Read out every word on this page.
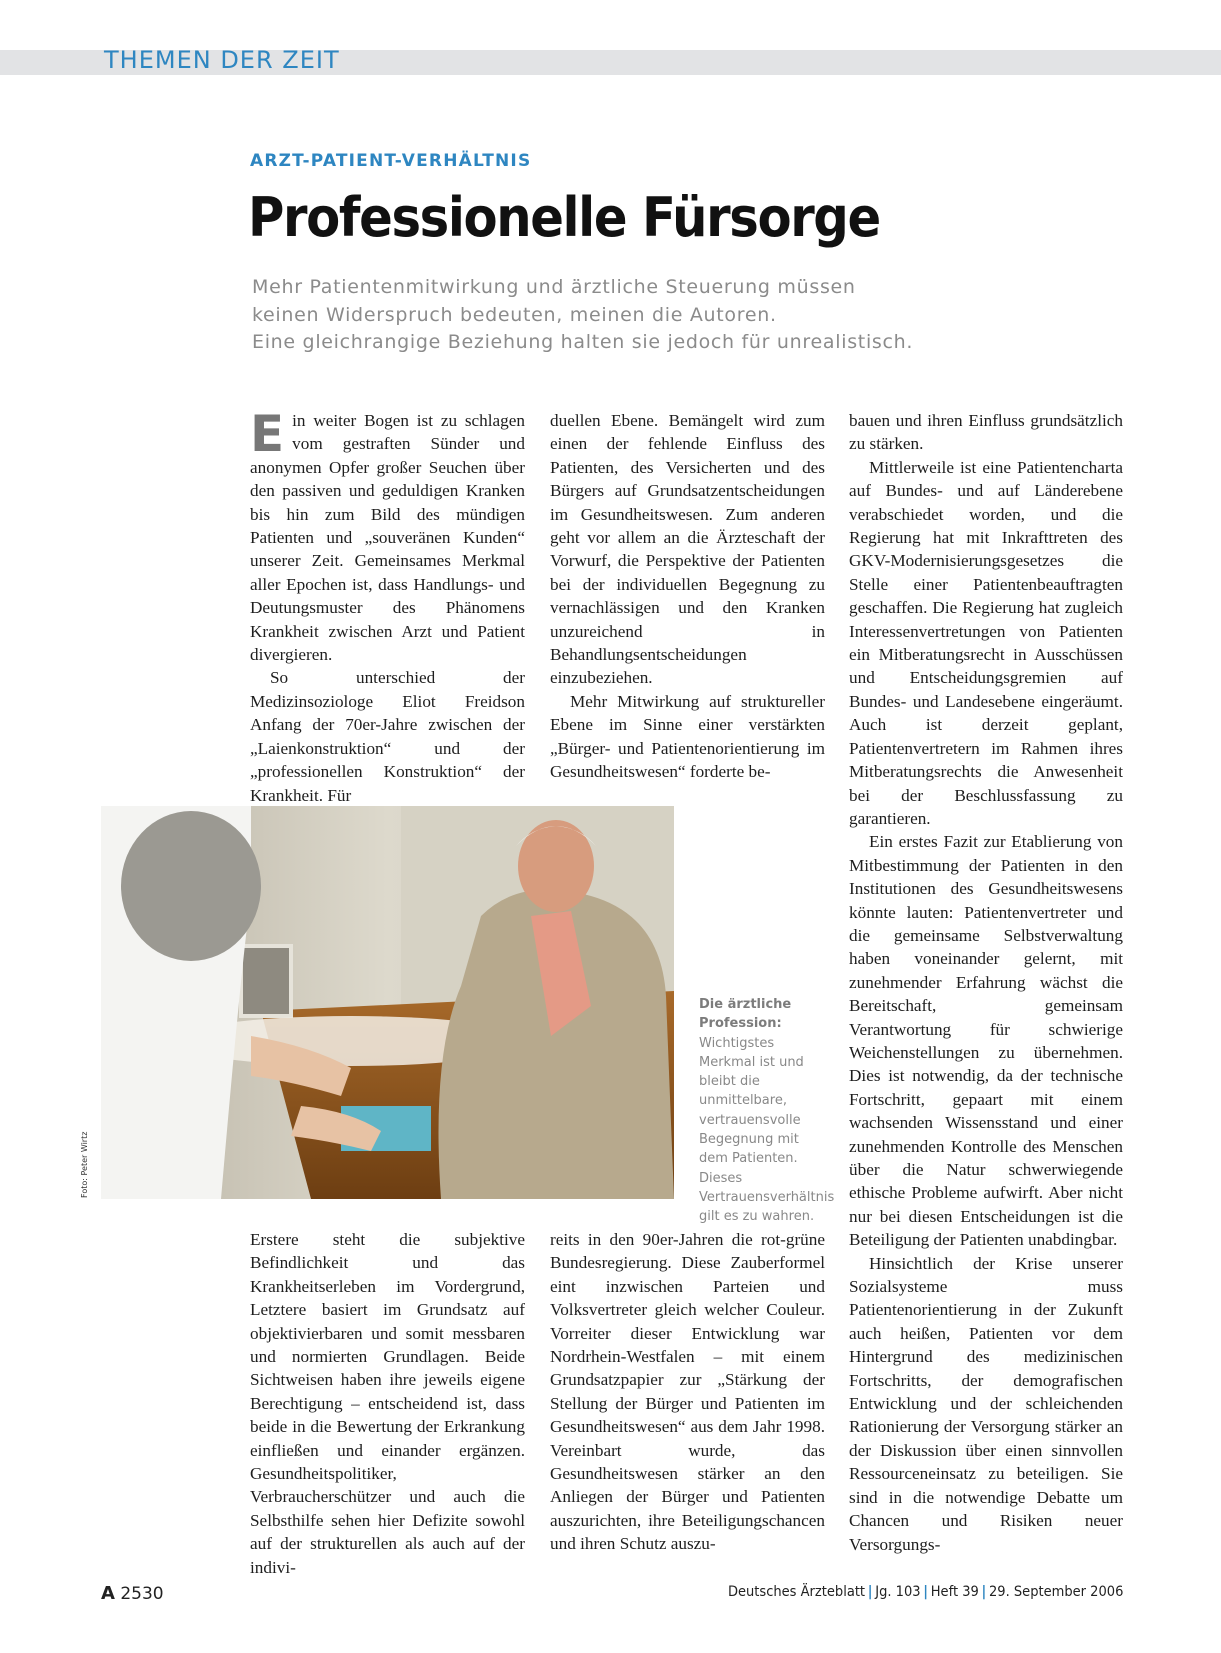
THEMEN DER ZEIT
ARZT-PATIENT-VERHÄLTNIS
Professionelle Fürsorge
Mehr Patientenmitwirkung und ärztliche Steuerung müssen
keinen Widerspruch bedeuten, meinen die Autoren.
Eine gleichrangige Beziehung halten sie jedoch für unrealistisch.

Ein weiter Bogen ist zu schlagen vom gestraften Sünder und anonymen Opfer großer Seuchen über den passiven und geduldigen Kranken bis hin zum Bild des mündigen Patienten und „souveränen Kunden“ unserer Zeit. Gemeinsames Merkmal aller Epochen ist, dass Handlungs- und Deutungsmuster des Phänomens Krankheit zwischen Arzt und Patient divergieren.

So unterschied der Medizinsoziologe Eliot Freidson Anfang der 70er-Jahre zwischen der „Laienkonstruktion“ und der „professionellen Konstruktion“ der Krankheit. Für

duellen Ebene. Bemängelt wird zum einen der fehlende Einfluss des Patienten, des Versicherten und des Bürgers auf Grundsatzentscheidungen im Gesundheitswesen. Zum anderen geht vor allem an die Ärzteschaft der Vorwurf, die Perspektive der Patienten bei der individuellen Begegnung zu vernachlässigen und den Kranken unzureichend in Behandlungsentscheidungen einzubeziehen.

Mehr Mitwirkung auf struktureller Ebene im Sinne einer verstärkten „Bürger- und Patientenorientierung im Gesundheitswesen“ forderte be-

bauen und ihren Einfluss grundsätzlich zu stärken.

Mittlerweile ist eine Patientencharta auf Bundes- und auf Länderebene verabschiedet worden, und die Regierung hat mit Inkrafttreten des GKV-Modernisierungsgesetzes die Stelle einer Patientenbeauftragten geschaffen. Die Regierung hat zugleich Interessenvertretungen von Patienten ein Mitberatungsrecht in Ausschüssen und Entscheidungsgremien auf Bundes- und Landesebene eingeräumt. Auch ist derzeit geplant, Patientenvertretern im Rahmen ihres Mitberatungsrechts die Anwesenheit bei der Beschlussfassung zu garantieren.

Ein erstes Fazit zur Etablierung von Mitbestimmung der Patienten in den Institutionen des Gesundheitswesens könnte lauten: Patientenvertreter und die gemeinsame Selbstverwaltung haben voneinander gelernt, mit zunehmender Erfahrung wächst die Bereitschaft, gemeinsam Verantwortung für schwierige Weichenstellungen zu übernehmen. Dies ist notwendig, da der technische Fortschritt, gepaart mit einem wachsenden Wissensstand und einer zunehmenden Kontrolle des Menschen über die Natur schwerwiegende ethische Probleme aufwirft. Aber nicht nur bei diesen Entscheidungen ist die Beteiligung der Patienten unabdingbar.

Hinsichtlich der Krise unserer Sozialsysteme muss Patientenorientierung in der Zukunft auch heißen, Patienten vor dem Hintergrund des medizinischen Fortschritts, der demografischen Entwicklung und der schleichenden Rationierung der Versorgung stärker an der Diskussion über einen sinnvollen Ressourceneinsatz zu beteiligen. Sie sind in die notwendige Debatte um Chancen und Risiken neuer Versorgungs-

Foto: Peter Wirtz
Die ärztliche Profession:
Wichtigstes Merkmal ist und bleibt die unmittelbare, vertrauensvolle Begegnung mit dem Patienten. Dieses Vertrauensverhältnis gilt es zu wahren.

Erstere steht die subjektive Befindlichkeit und das Krankheitserleben im Vordergrund, Letztere basiert im Grundsatz auf objektivierbaren und somit messbaren und normierten Grundlagen. Beide Sichtweisen haben ihre jeweils eigene Berechtigung – entscheidend ist, dass beide in die Bewertung der Erkrankung einfließen und einander ergänzen. Gesundheitspolitiker, Verbraucherschützer und auch die Selbsthilfe sehen hier Defizite sowohl auf der strukturellen als auch auf der indivi-

reits in den 90er-Jahren die rot-grüne Bundesregierung. Diese Zauberformel eint inzwischen Parteien und Volksvertreter gleich welcher Couleur. Vorreiter dieser Entwicklung war Nordrhein-Westfalen – mit einem Grundsatzpapier zur „Stärkung der Stellung der Bürger und Patienten im Gesundheitswesen“ aus dem Jahr 1998. Vereinbart wurde, das Gesundheitswesen stärker an den Anliegen der Bürger und Patienten auszurichten, ihre Beteiligungschancen und ihren Schutz auszu-

A 2530	Deutsches Ärzteblatt | Jg. 103 | Heft 39 | 29. September 2006
